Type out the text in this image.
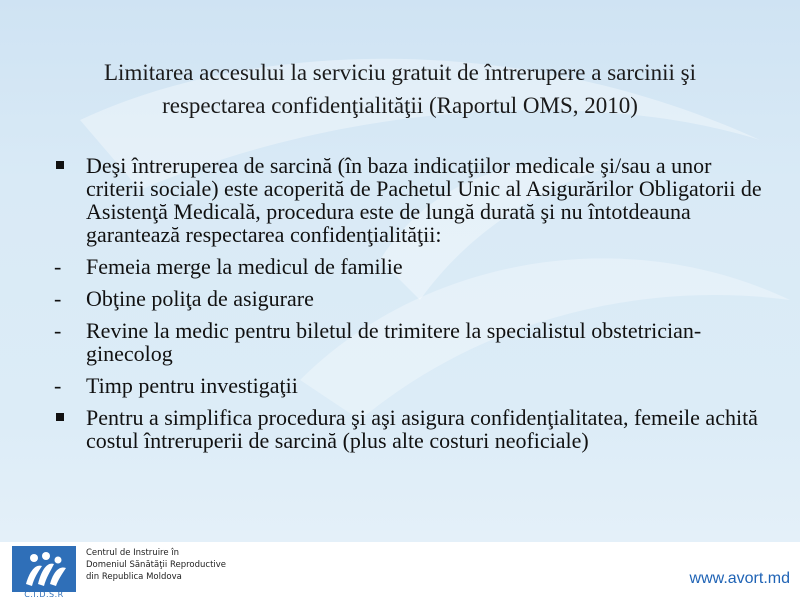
Limitarea accesului la serviciu gratuit de întrerupere a sarcinii şi
respectarea confidenţialităţii (Raportul OMS, 2010)
Deşi întreruperea de sarcină (în baza indicaţiilor medicale şi/sau a unor criterii sociale) este acoperită de Pachetul Unic al Asigurărilor Obligatorii de Asistenţă Medicală, procedura este de lungă durată şi nu întotdeauna garantează respectarea confidenţialităţii:
-	Femeia merge la medicul de familie
-	Obţine poliţa de asigurare
-	Revine la medic pentru biletul de trimitere la specialistul obstetrician-ginecolog
-	Timp pentru investigaţii
Pentru a simplifica procedura şi aşi asigura confidenţialitatea, femeile achită costul întreruperii de sarcină (plus alte costuri neoficiale)
C.I.D.S.R
Centrul de Instruire în
Domeniul Sănătăţii Reproductive
din Republica Moldova	www.avort.md
